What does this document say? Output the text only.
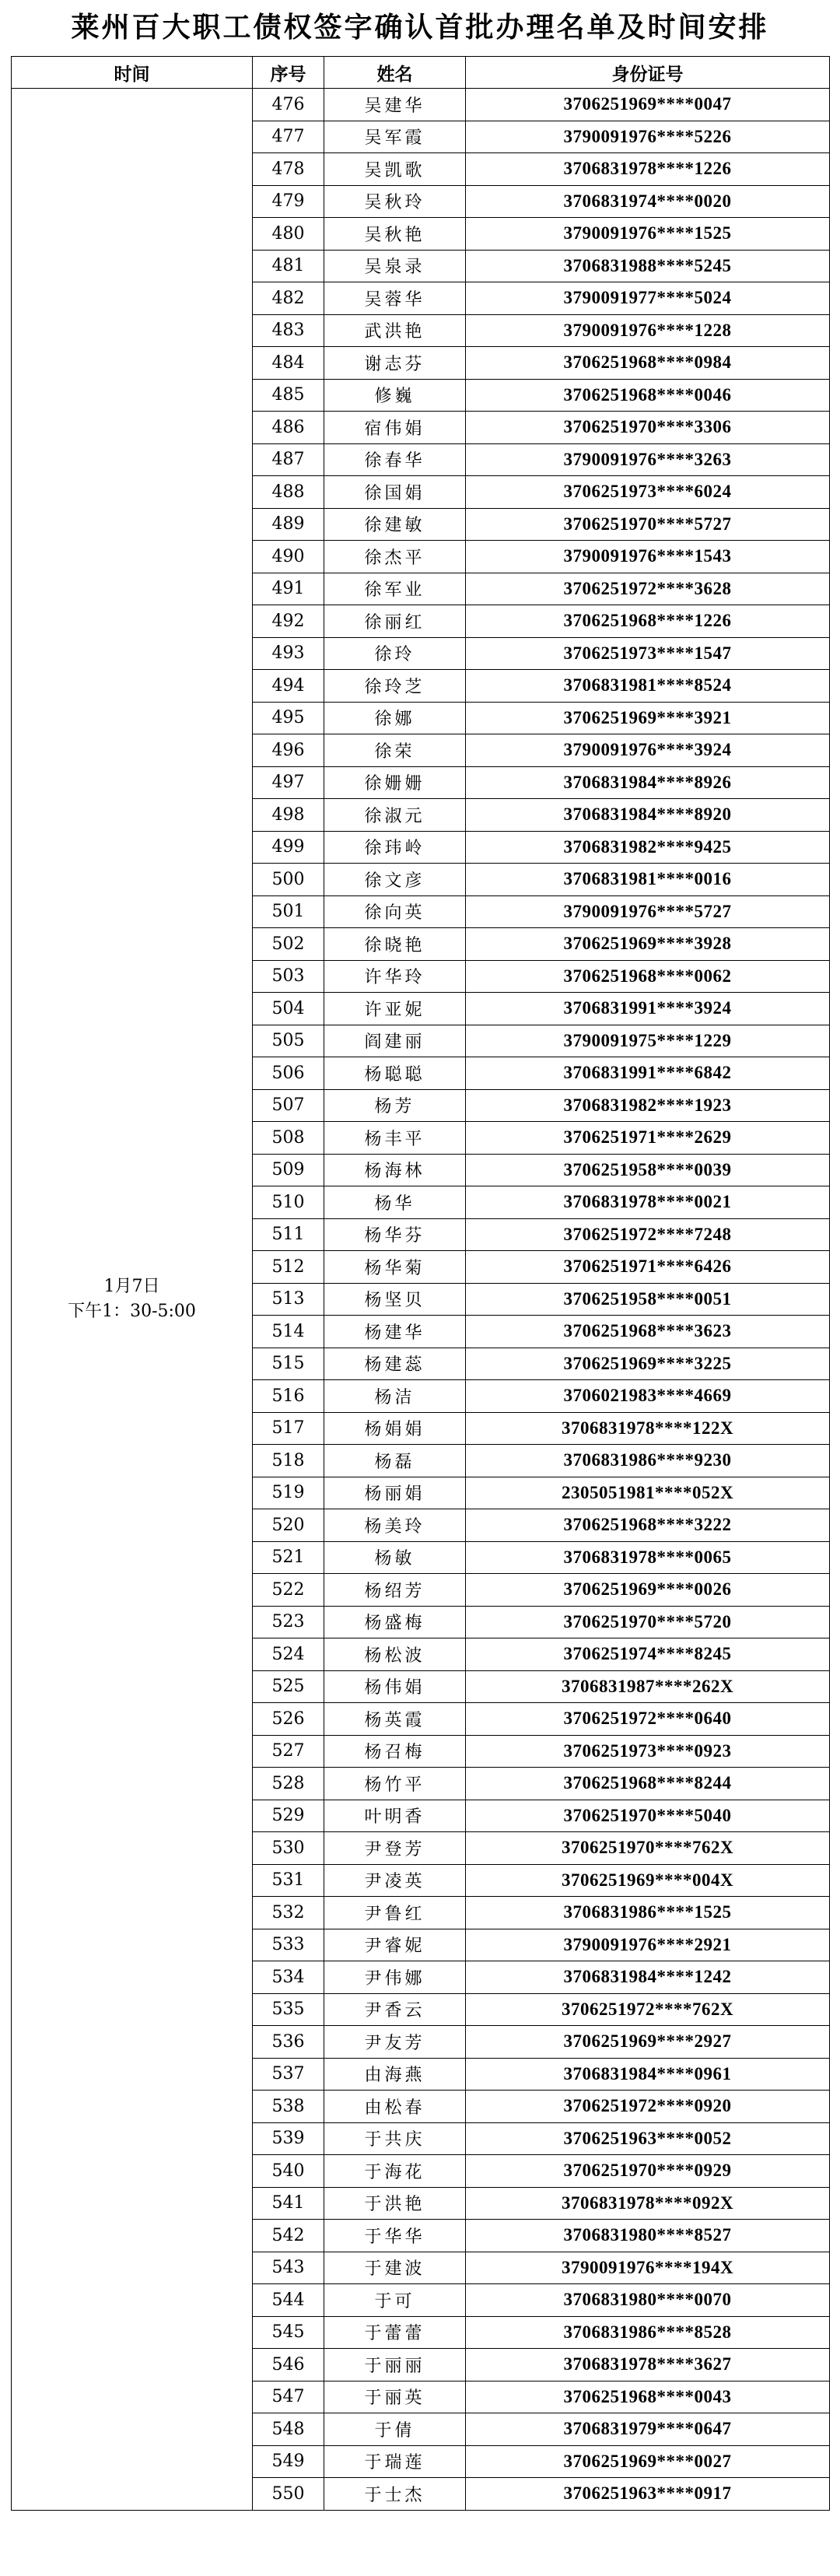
莱州百大职工债权签字确认首批办理名单及时间安排
时间	序号	姓名	身份证号

1月7日
下午1：30-5:00	476	吴建华	3706251969****0047
	477	吴军霞	3790091976****5226
	478	吴凯歌	3706831978****1226
	479	吴秋玲	3706831974****0020
	480	吴秋艳	3790091976****1525
	481	吴泉录	3706831988****5245
	482	吴蓉华	3790091977****5024
	483	武洪艳	3790091976****1228
	484	谢志芬	3706251968****0984
	485	修巍	3706251968****0046
	486	宿伟娟	3706251970****3306
	487	徐春华	3790091976****3263
	488	徐国娟	3706251973****6024
	489	徐建敏	3706251970****5727
	490	徐杰平	3790091976****1543
	491	徐军业	3706251972****3628
	492	徐丽红	3706251968****1226
	493	徐玲	3706251973****1547
	494	徐玲芝	3706831981****8524
	495	徐娜	3706251969****3921
	496	徐荣	3790091976****3924
	497	徐姗姗	3706831984****8926
	498	徐淑元	3706831984****8920
	499	徐玮岭	3706831982****9425
	500	徐文彦	3706831981****0016
	501	徐向英	3790091976****5727
	502	徐晓艳	3706251969****3928
	503	许华玲	3706251968****0062
	504	许亚妮	3706831991****3924
	505	阎建丽	3790091975****1229
	506	杨聪聪	3706831991****6842
	507	杨芳	3706831982****1923
	508	杨丰平	3706251971****2629
	509	杨海林	3706251958****0039
	510	杨华	3706831978****0021
	511	杨华芬	3706251972****7248
	512	杨华菊	3706251971****6426
	513	杨坚贝	3706251958****0051
	514	杨建华	3706251968****3623
	515	杨建蕊	3706251969****3225
	516	杨洁	3706021983****4669
	517	杨娟娟	3706831978****122X
	518	杨磊	3706831986****9230
	519	杨丽娟	2305051981****052X
	520	杨美玲	3706251968****3222
	521	杨敏	3706831978****0065
	522	杨绍芳	3706251969****0026
	523	杨盛梅	3706251970****5720
	524	杨松波	3706251974****8245
	525	杨伟娟	3706831987****262X
	526	杨英霞	3706251972****0640
	527	杨召梅	3706251973****0923
	528	杨竹平	3706251968****8244
	529	叶明香	3706251970****5040
	530	尹登芳	3706251970****762X
	531	尹凌英	3706251969****004X
	532	尹鲁红	3706831986****1525
	533	尹睿妮	3790091976****2921
	534	尹伟娜	3706831984****1242
	535	尹香云	3706251972****762X
	536	尹友芳	3706251969****2927
	537	由海燕	3706831984****0961
	538	由松春	3706251972****0920
	539	于共庆	3706251963****0052
	540	于海花	3706251970****0929
	541	于洪艳	3706831978****092X
	542	于华华	3706831980****8527
	543	于建波	3790091976****194X
	544	于可	3706831980****0070
	545	于蕾蕾	3706831986****8528
	546	于丽丽	3706831978****3627
	547	于丽英	3706251968****0043
	548	于倩	3706831979****0647
	549	于瑞莲	3706251969****0027
	550	于士杰	3706251963****0917
